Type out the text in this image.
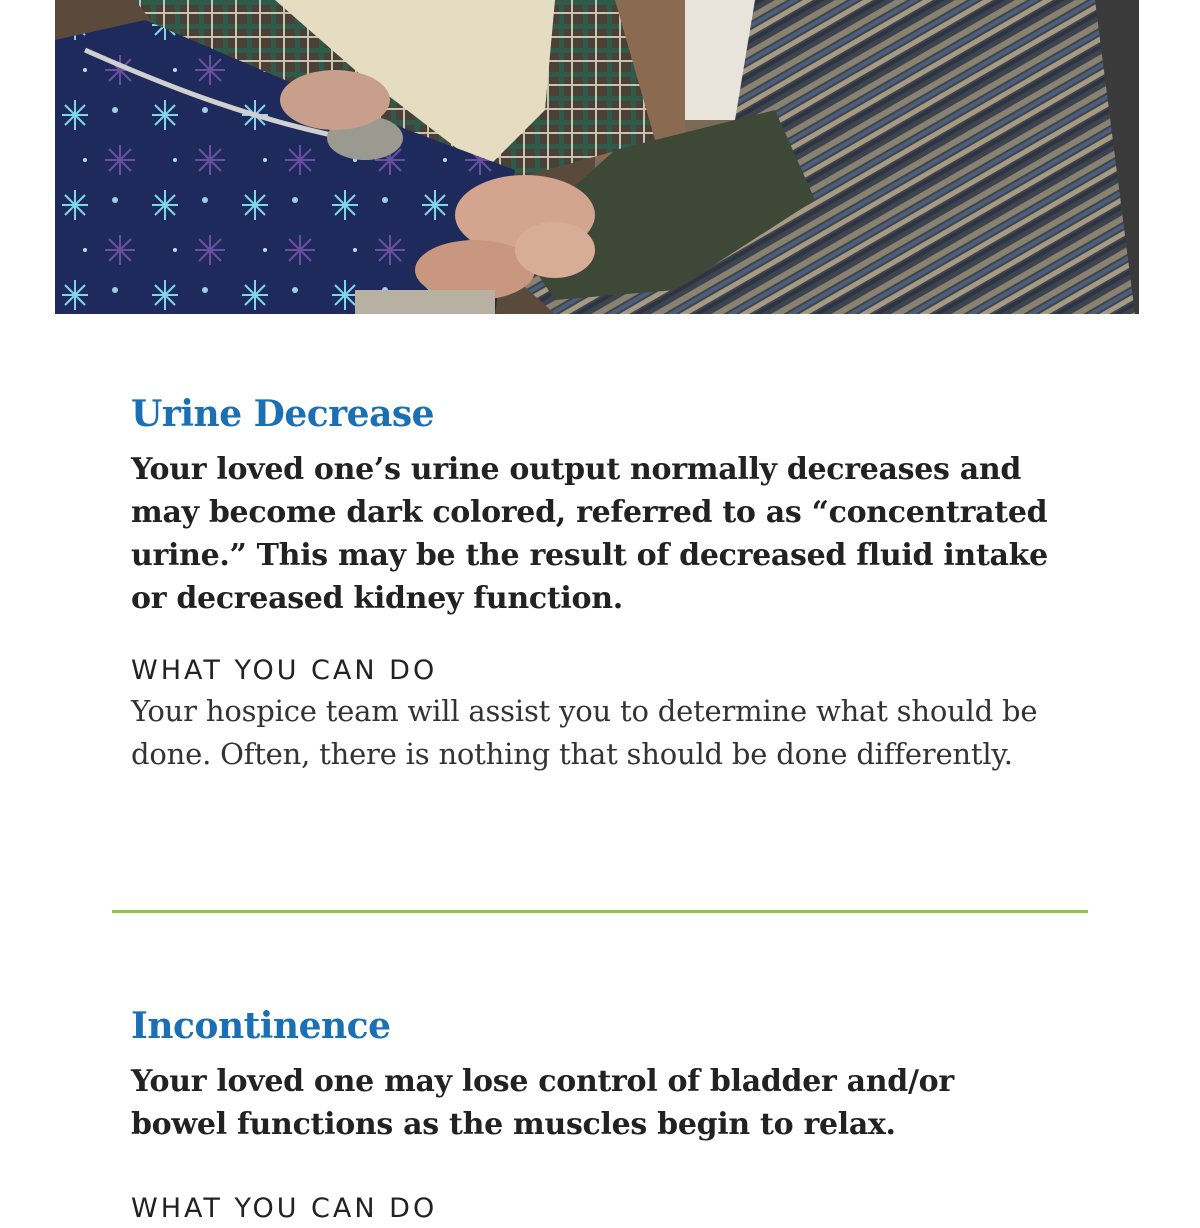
Urine Decrease

Your loved one’s urine output normally decreases and may become dark colored, referred to as “concentrated urine.” This may be the result of decreased fluid intake or decreased kidney function.

WHAT YOU CAN DO

Your hospice team will assist you to determine what should be done. Often, there is nothing that should be done differently.

Incontinence

Your loved one may lose control of bladder and/or bowel functions as the muscles begin to relax.

WHAT YOU CAN DO
